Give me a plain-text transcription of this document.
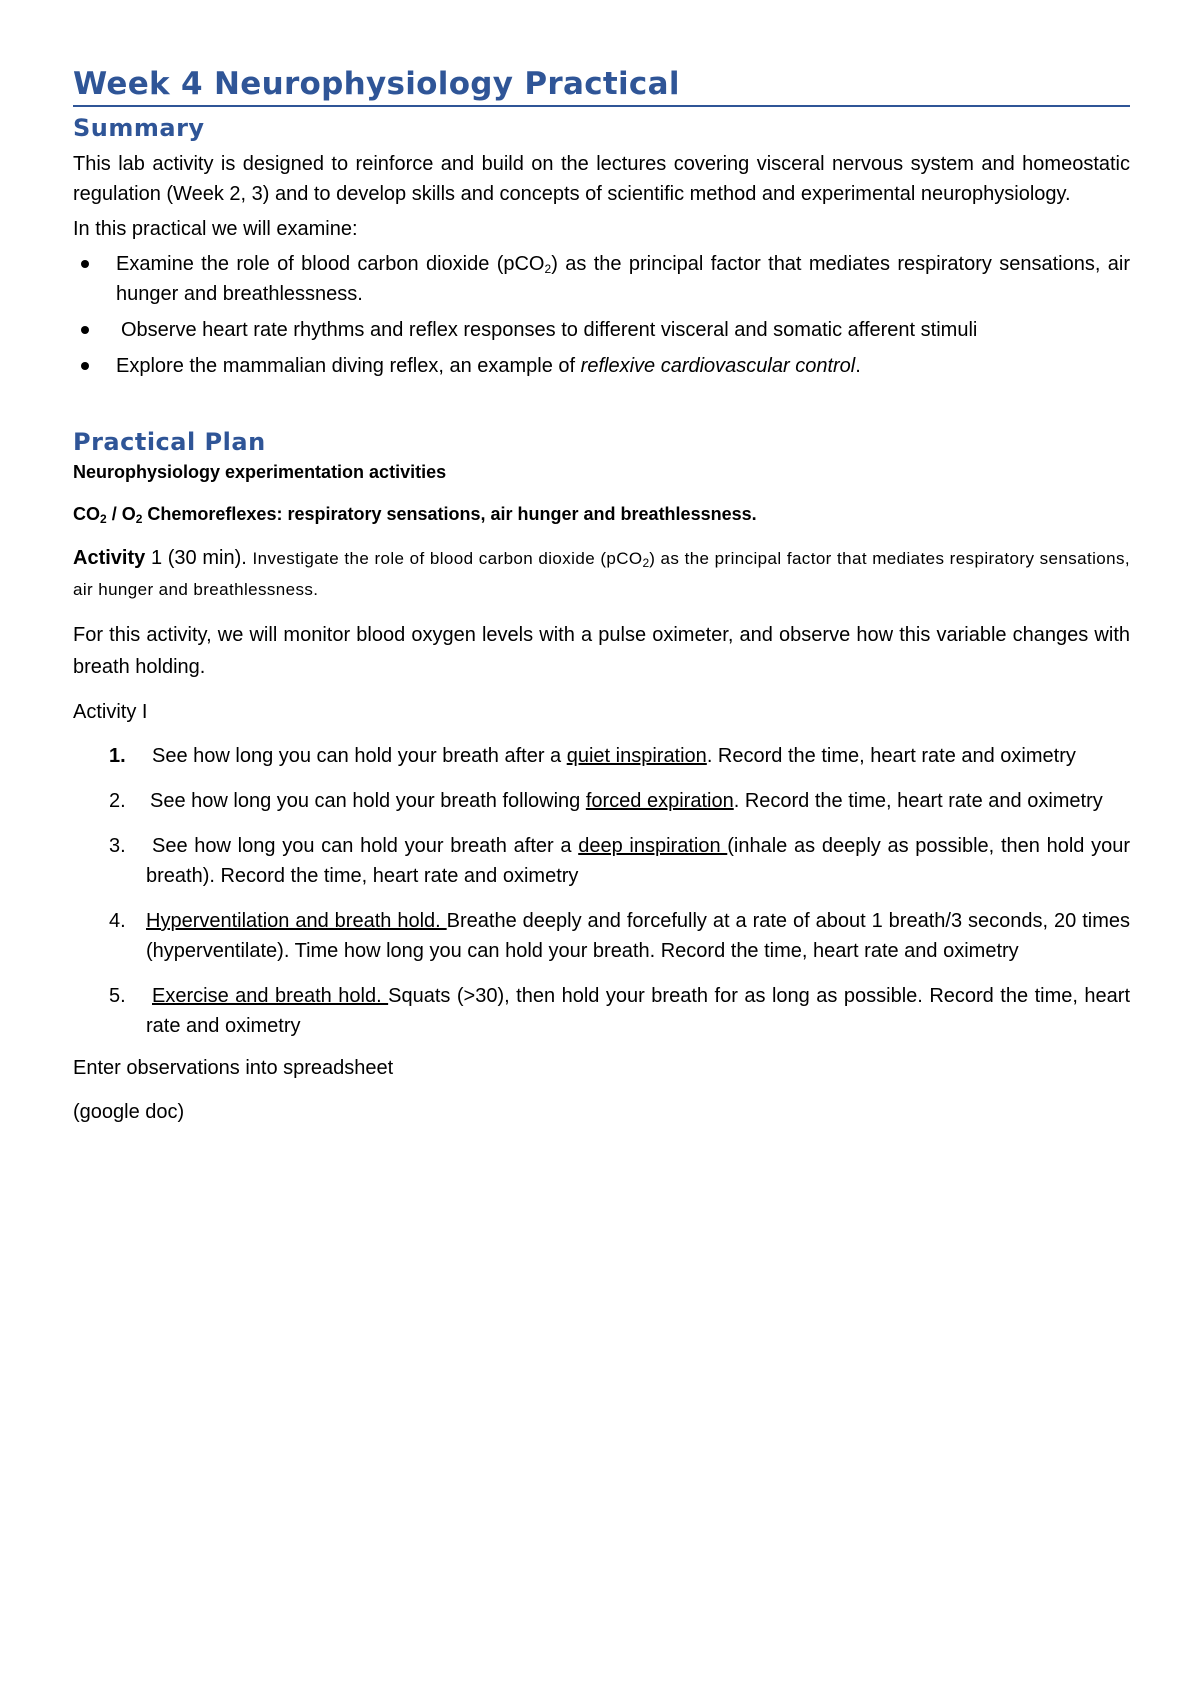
Week 4 Neurophysiology Practical
Summary

This lab activity is designed to reinforce and build on the lectures covering visceral nervous system and homeostatic regulation (Week 2, 3) and to develop skills and concepts of scientific method and experimental neurophysiology.

In this practical we will examine:

Examine the role of blood carbon dioxide (pCO$_2$) as the principal factor that mediates respiratory sensations, air hunger and breathlessness.
Observe heart rate rhythms and reflex responses to different visceral and somatic afferent stimuli
Explore the mammalian diving reflex, an example of reflexive cardiovascular control.
Practical Plan

Neurophysiology experimentation activities

$CO_2 / O_2$ Chemoreflexes: respiratory sensations, air hunger and breathlessness.

Activity 1 (30 min). Investigate the role of blood carbon dioxide (pCO$_2$) as the principal factor that mediates respiratory sensations, air hunger and breathlessness.

For this activity, we will monitor blood oxygen levels with a pulse oximeter, and observe how this variable changes with breath holding.

Activity I

1. See how long you can hold your breath after a quiet inspiration. Record the time, heart rate and oximetry

2. See how long you can hold your breath following forced expiration. Record the time, heart rate and oximetry

3. See how long you can hold your breath after a deep inspiration (inhale as deeply as possible, then hold your breath). Record the time, heart rate and oximetry

4. Hyperventilation and breath hold. Breathe deeply and forcefully at a rate of about 1 breath/3 seconds, 20 times (hyperventilate). Time how long you can hold your breath. Record the time, heart rate and oximetry

5. Exercise and breath hold. Squats (>30), then hold your breath for as long as possible. Record the time, heart rate and oximetry

Enter observations into spreadsheet

(google doc)
